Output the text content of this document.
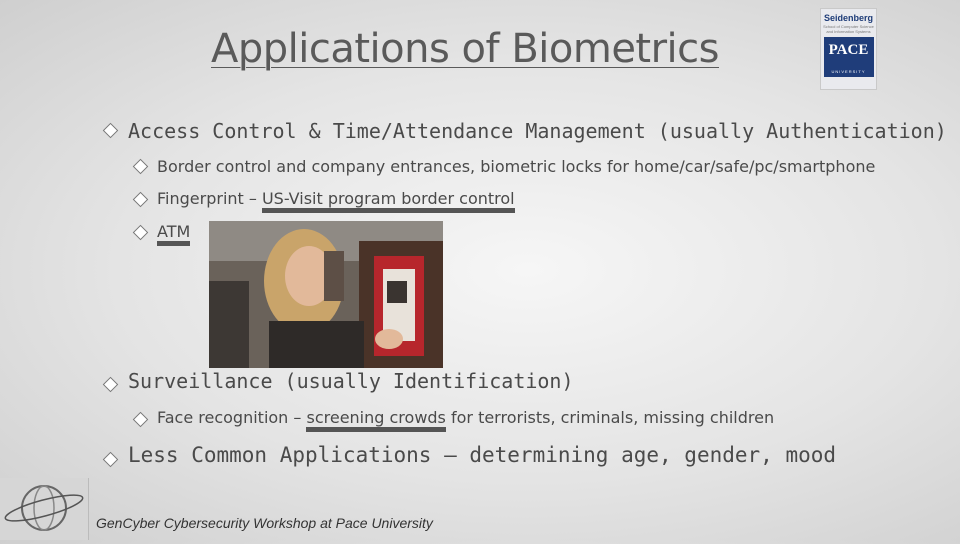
Applications of Biometrics
Seidenberg
School of Computer Science and Information Systems
PACE
UNIVERSITY
Access Control & Time/Attendance Management (usually Authentication)
Border control and company entrances, biometric locks for home/car/safe/pc/smartphone
Fingerprint – US-Visit program border control
ATM
Surveillance (usually Identification)
Face recognition – screening crowds for terrorists, criminals, missing children
Less Common Applications – determining age, gender, mood
GenCyber Cybersecurity Workshop at Pace University
